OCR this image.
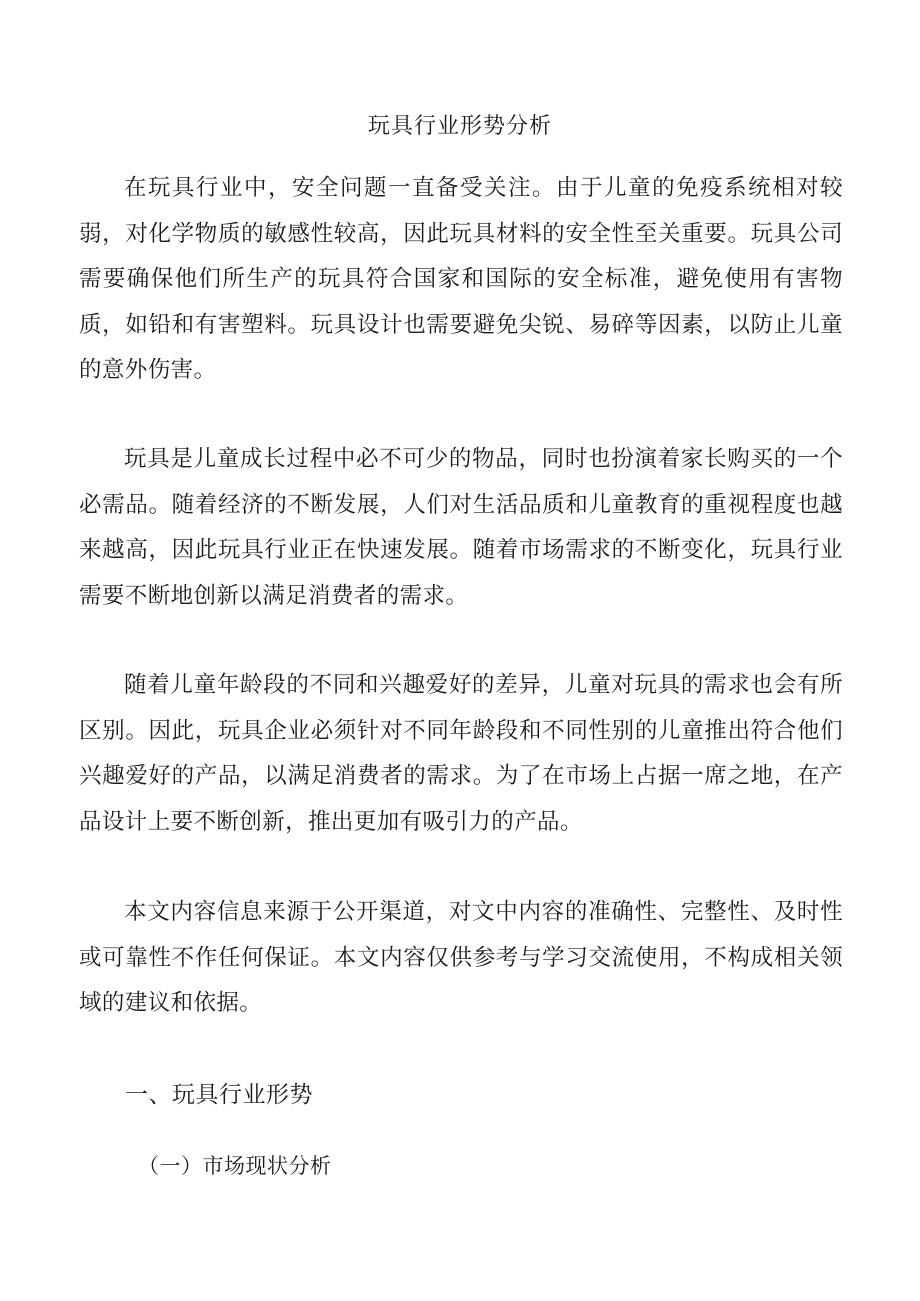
玩具行业形势分析

在玩具行业中，安全问题一直备受关注。由于儿童的免疫系统相对较弱，对化学物质的敏感性较高，因此玩具材料的安全性至关重要。玩具公司需要确保他们所生产的玩具符合国家和国际的安全标准，避免使用有害物质，如铅和有害塑料。玩具设计也需要避免尖锐、易碎等因素，以防止儿童的意外伤害。

玩具是儿童成长过程中必不可少的物品，同时也扮演着家长购买的一个必需品。随着经济的不断发展，人们对生活品质和儿童教育的重视程度也越来越高，因此玩具行业正在快速发展。随着市场需求的不断变化，玩具行业需要不断地创新以满足消费者的需求。

随着儿童年龄段的不同和兴趣爱好的差异，儿童对玩具的需求也会有所区别。因此，玩具企业必须针对不同年龄段和不同性别的儿童推出符合他们兴趣爱好的产品，以满足消费者的需求。为了在市场上占据一席之地，在产品设计上要不断创新，推出更加有吸引力的产品。

本文内容信息来源于公开渠道，对文中内容的准确性、完整性、及时性或可靠性不作任何保证。本文内容仅供参考与学习交流使用，不构成相关领域的建议和依据。

一、玩具行业形势
（一）市场现状分析
